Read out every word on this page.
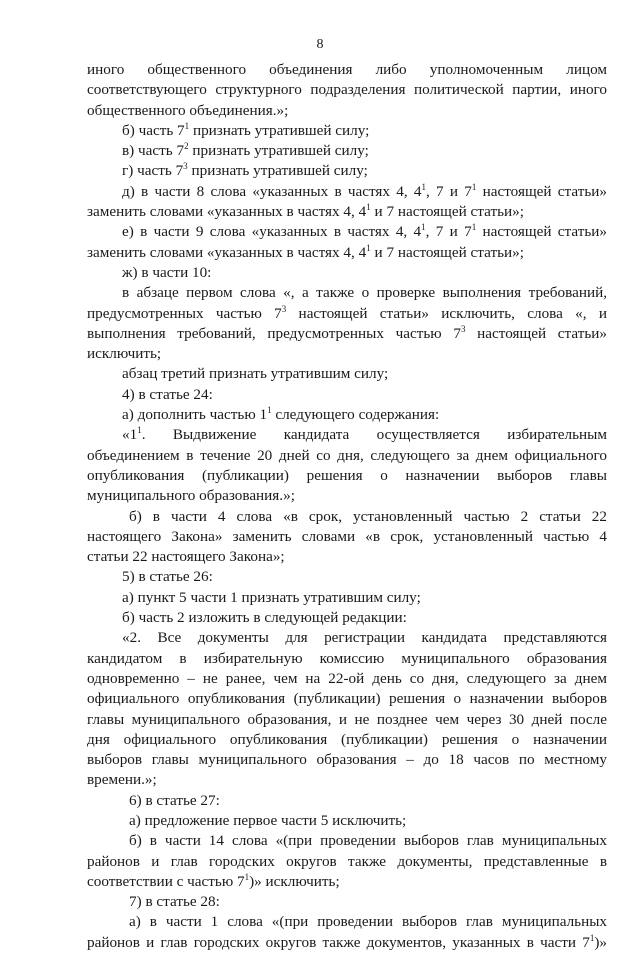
8
иного общественного объединения либо уполномоченным лицом
соответствующего структурного подразделения политической партии, иного
общественного объединения.»;
б) часть $7^1$ признать утратившей силу;
в) часть $7^2$ признать утратившей силу;
г) часть $7^3$ признать утратившей силу;
д) в части 8 слова «указанных в частях 4, $4^1$, 7 и $7^1$ настоящей статьи»
заменить словами «указанных в частях 4, $4^1$ и 7 настоящей статьи»;
е) в части 9 слова «указанных в частях 4, $4^1$, 7 и $7^1$ настоящей статьи»
заменить словами «указанных в частях 4, $4^1$ и 7 настоящей статьи»;
ж) в части 10:
в абзаце первом слова «, а также о проверке выполнения требований,
предусмотренных частью $7^3$ настоящей статьи» исключить, слова «, и
выполнения требований, предусмотренных частью $7^3$ настоящей статьи»
исключить;
абзац третий признать утратившим силу;
4) в статье 24:
а) дополнить частью $1^1$ следующего содержания:
«$1^1$. Выдвижение кандидата осуществляется избирательным
объединением в течение 20 дней со дня, следующего за днем официального
опубликования (публикации) решения о назначении выборов главы
муниципального образования.»;
б) в части 4 слова «в срок, установленный частью 2 статьи 22
настоящего Закона» заменить словами «в срок, установленный частью 4
статьи 22 настоящего Закона»;
5) в статье 26:
а) пункт 5 части 1 признать утратившим силу;
б) часть 2 изложить в следующей редакции:
«2. Все документы для регистрации кандидата представляются
кандидатом в избирательную комиссию муниципального образования
одновременно – не ранее, чем на 22-ой день со дня, следующего за днем
официального опубликования (публикации) решения о назначении выборов
главы муниципального образования, и не позднее чем через 30 дней после
дня официального опубликования (публикации) решения о назначении
выборов главы муниципального образования – до 18 часов по местному
времени.»;
6) в статье 27:
а) предложение первое части 5 исключить;
б) в части 14 слова «(при проведении выборов глав муниципальных
районов и глав городских округов также документы, представленные в
соответствии с частью $7^1$)» исключить;
7) в статье 28:
а) в части 1 слова «(при проведении выборов глав муниципальных
районов и глав городских округов также документов, указанных в части $7^1$)»
